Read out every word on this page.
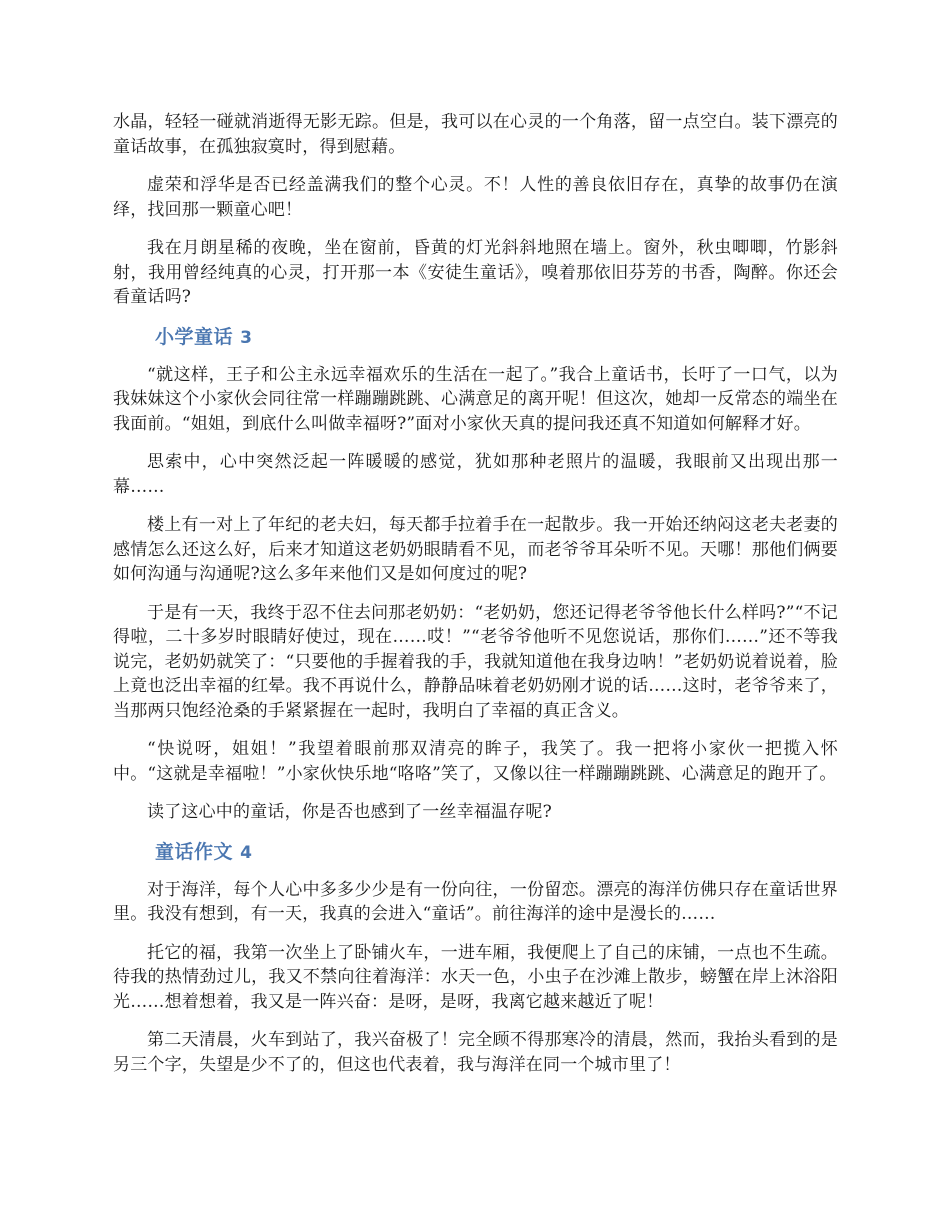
水晶，轻轻一碰就消逝得无影无踪。但是，我可以在心灵的一个角落，留一点空白。装下漂亮的童话故事，在孤独寂寞时，得到慰藉。

虚荣和浮华是否已经盖满我们的整个心灵。不！人性的善良依旧存在，真挚的故事仍在演绎，找回那一颗童心吧！

我在月朗星稀的夜晚，坐在窗前，昏黄的灯光斜斜地照在墙上。窗外，秋虫唧唧，竹影斜射，我用曾经纯真的心灵，打开那一本《安徒生童话》，嗅着那依旧芬芳的书香，陶醉。你还会看童话吗?

小学童话 3

“就这样，王子和公主永远幸福欢乐的生活在一起了。”我合上童话书，长吁了一口气，以为我妹妹这个小家伙会同往常一样蹦蹦跳跳、心满意足的离开呢！但这次，她却一反常态的端坐在我面前。“姐姐，到底什么叫做幸福呀?”面对小家伙天真的提问我还真不知道如何解释才好。

思索中，心中突然泛起一阵暖暖的感觉，犹如那种老照片的温暖，我眼前又出现出那一幕……

楼上有一对上了年纪的老夫妇，每天都手拉着手在一起散步。我一开始还纳闷这老夫老妻的感情怎么还这么好，后来才知道这老奶奶眼睛看不见，而老爷爷耳朵听不见。天哪！那他们俩要如何沟通与沟通呢?这么多年来他们又是如何度过的呢?

于是有一天，我终于忍不住去问那老奶奶：“老奶奶，您还记得老爷爷他长什么样吗?”“不记得啦，二十多岁时眼睛好使过，现在……哎！”“老爷爷他听不见您说话，那你们……”还不等我说完，老奶奶就笑了：“只要他的手握着我的手，我就知道他在我身边呐！”老奶奶说着说着，脸上竟也泛出幸福的红晕。我不再说什么，静静品味着老奶奶刚才说的话……这时，老爷爷来了，当那两只饱经沧桑的手紧紧握在一起时，我明白了幸福的真正含义。

“快说呀，姐姐！”我望着眼前那双清亮的眸子，我笑了。我一把将小家伙一把揽入怀中。“这就是幸福啦！”小家伙快乐地“咯咯”笑了，又像以往一样蹦蹦跳跳、心满意足的跑开了。

读了这心中的童话，你是否也感到了一丝幸福温存呢?

童话作文 4

对于海洋，每个人心中多多少少是有一份向往，一份留恋。漂亮的海洋仿佛只存在童话世界里。我没有想到，有一天，我真的会进入“童话”。前往海洋的途中是漫长的……

托它的福，我第一次坐上了卧铺火车，一进车厢，我便爬上了自己的床铺，一点也不生疏。待我的热情劲过儿，我又不禁向往着海洋：水天一色，小虫子在沙滩上散步，螃蟹在岸上沐浴阳光……想着想着，我又是一阵兴奋：是呀，是呀，我离它越来越近了呢！

第二天清晨，火车到站了，我兴奋极了！完全顾不得那寒冷的清晨，然而，我抬头看到的是另三个字，失望是少不了的，但这也代表着，我与海洋在同一个城市里了！
